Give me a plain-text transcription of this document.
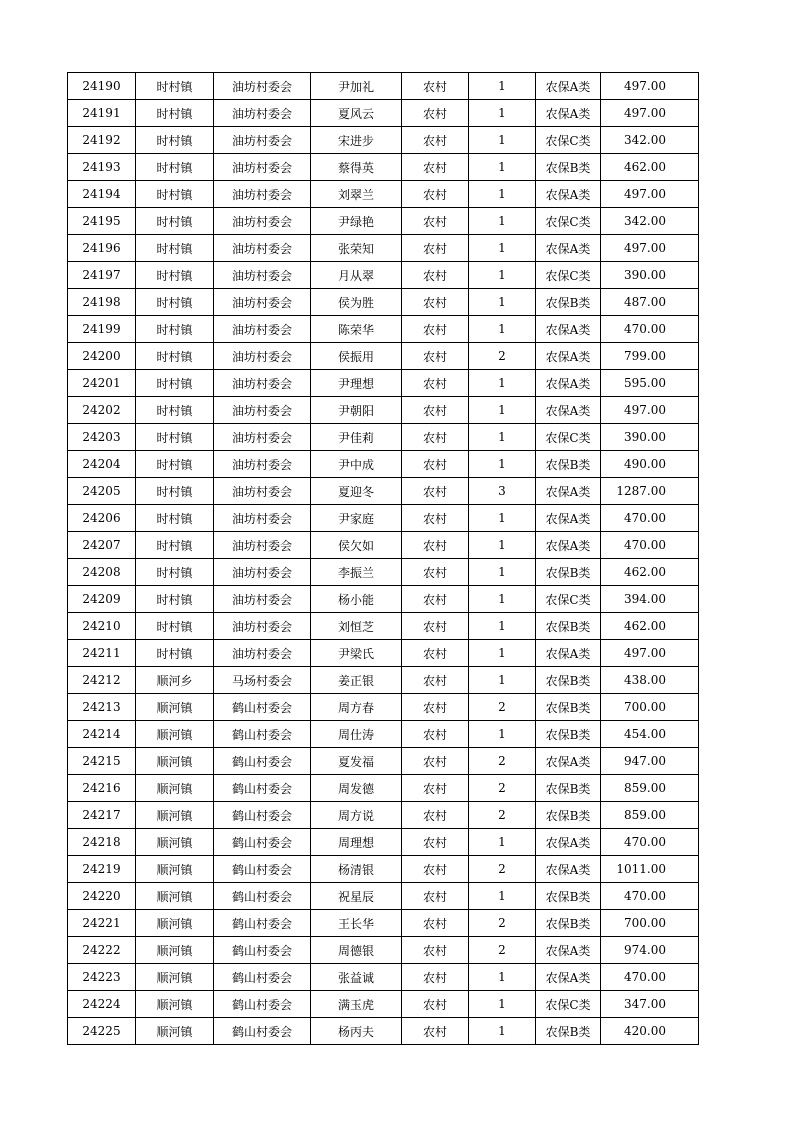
24190	时村镇	油坊村委会	尹加礼	农村	1	农保A类	497.00
24191	时村镇	油坊村委会	夏风云	农村	1	农保A类	497.00
24192	时村镇	油坊村委会	宋进步	农村	1	农保C类	342.00
24193	时村镇	油坊村委会	蔡得英	农村	1	农保B类	462.00
24194	时村镇	油坊村委会	刘翠兰	农村	1	农保A类	497.00
24195	时村镇	油坊村委会	尹绿艳	农村	1	农保C类	342.00
24196	时村镇	油坊村委会	张荣知	农村	1	农保A类	497.00
24197	时村镇	油坊村委会	月从翠	农村	1	农保C类	390.00
24198	时村镇	油坊村委会	侯为胜	农村	1	农保B类	487.00
24199	时村镇	油坊村委会	陈荣华	农村	1	农保A类	470.00
24200	时村镇	油坊村委会	侯振用	农村	2	农保A类	799.00
24201	时村镇	油坊村委会	尹理想	农村	1	农保A类	595.00
24202	时村镇	油坊村委会	尹朝阳	农村	1	农保A类	497.00
24203	时村镇	油坊村委会	尹佳莉	农村	1	农保C类	390.00
24204	时村镇	油坊村委会	尹中成	农村	1	农保B类	490.00
24205	时村镇	油坊村委会	夏迎冬	农村	3	农保A类	1287.00
24206	时村镇	油坊村委会	尹家庭	农村	1	农保A类	470.00
24207	时村镇	油坊村委会	侯欠如	农村	1	农保A类	470.00
24208	时村镇	油坊村委会	李振兰	农村	1	农保B类	462.00
24209	时村镇	油坊村委会	杨小能	农村	1	农保C类	394.00
24210	时村镇	油坊村委会	刘恒芝	农村	1	农保B类	462.00
24211	时村镇	油坊村委会	尹梁氏	农村	1	农保A类	497.00
24212	顺河乡	马场村委会	姜正银	农村	1	农保B类	438.00
24213	顺河镇	鹤山村委会	周方春	农村	2	农保B类	700.00
24214	顺河镇	鹤山村委会	周仕涛	农村	1	农保B类	454.00
24215	顺河镇	鹤山村委会	夏发福	农村	2	农保A类	947.00
24216	顺河镇	鹤山村委会	周发德	农村	2	农保B类	859.00
24217	顺河镇	鹤山村委会	周方说	农村	2	农保B类	859.00
24218	顺河镇	鹤山村委会	周理想	农村	1	农保A类	470.00
24219	顺河镇	鹤山村委会	杨清银	农村	2	农保A类	1011.00
24220	顺河镇	鹤山村委会	祝星辰	农村	1	农保B类	470.00
24221	顺河镇	鹤山村委会	王长华	农村	2	农保B类	700.00
24222	顺河镇	鹤山村委会	周德银	农村	2	农保A类	974.00
24223	顺河镇	鹤山村委会	张益诚	农村	1	农保A类	470.00
24224	顺河镇	鹤山村委会	满玉虎	农村	1	农保C类	347.00
24225	顺河镇	鹤山村委会	杨丙夫	农村	1	农保B类	420.00
